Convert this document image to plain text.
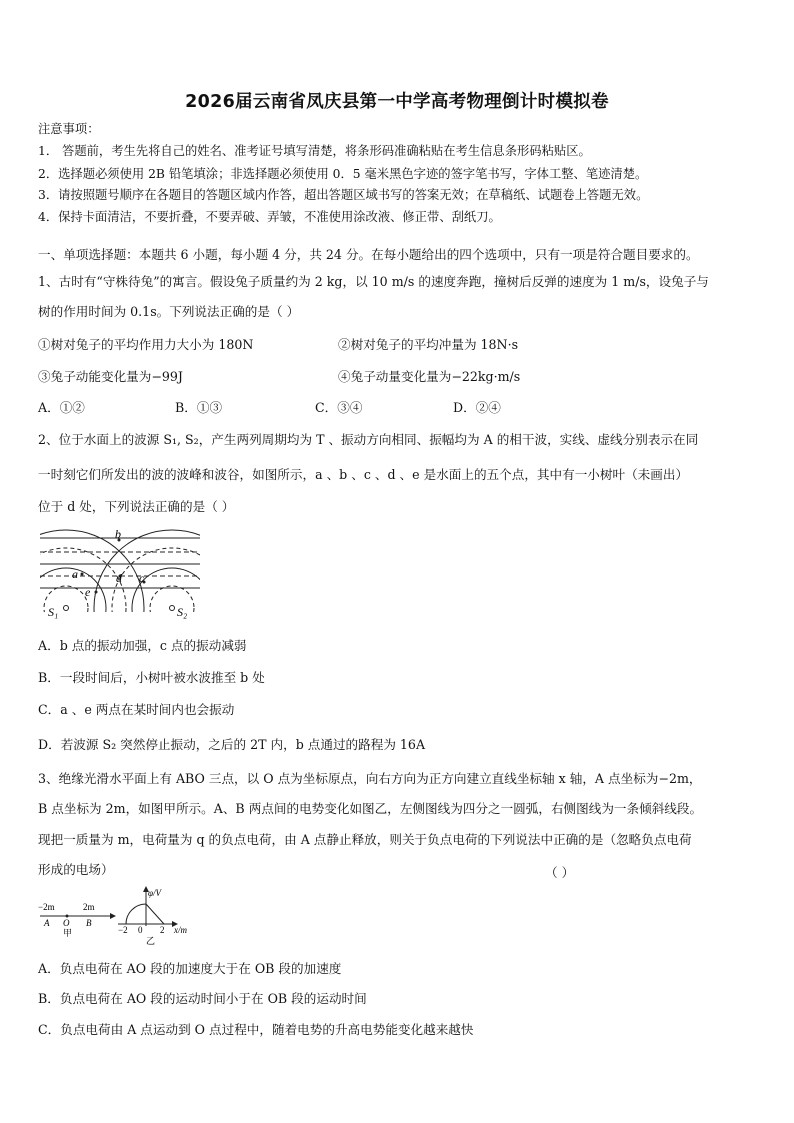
2026届云南省凤庆县第一中学高考物理倒计时模拟卷
注意事项：
1． 答题前，考生先将自己的姓名、准考证号填写清楚，将条形码准确粘贴在考生信息条形码粘贴区。
2．选择题必须使用 2B 铅笔填涂；非选择题必须使用 0．5 毫米黑色字迹的签字笔书写，字体工整、笔迹清楚。
3．请按照题号顺序在各题目的答题区域内作答，超出答题区域书写的答案无效；在草稿纸、试题卷上答题无效。
4．保持卡面清洁，不要折叠，不要弄破、弄皱，不准使用涂改液、修正带、刮纸刀。
一、单项选择题：本题共 6 小题，每小题 4 分，共 24 分。在每小题给出的四个选项中，只有一项是符合题目要求的。
1、古时有“守株待兔”的寓言。假设兔子质量约为 2 kg，以 10 m/s 的速度奔跑，撞树后反弹的速度为 1 m/s，设兔子与
树的作用时间为 0.1s。下列说法正确的是（ ）
①树对兔子的平均作用力大小为 180N	②树对兔子的平均冲量为 18N·s
③兔子动能变化量为−99J	④兔子动量变化量为−22kg·m/s
A．①②	B．①③	C．③④	D．②④
2、位于水面上的波源 S₁, S₂，产生两列周期均为 T 、振动方向相同、振幅均为 A 的相干波，实线、虚线分别表示在同
一时刻它们所发出的波的波峰和波谷，如图所示，a 、b 、c 、d 、e 是水面上的五个点，其中有一小树叶（未画出）
位于 d 处，下列说法正确的是（ ）
b
a	d c
e
S₁	S₂
A．b 点的振动加强，c 点的振动减弱
B．一段时间后，小树叶被水波推至 b 处
C．a 、e 两点在某时间内也会振动
D．若波源 S₂ 突然停止振动，之后的 2T 内，b 点通过的路程为 16A
3、绝缘光滑水平面上有 ABO 三点，以 O 点为坐标原点，向右方向为正方向建立直线坐标轴 x 轴，A 点坐标为−2m，
B 点坐标为 2m，如图甲所示。A、B 两点间的电势变化如图乙，左侧图线为四分之一圆弧，右侧图线为一条倾斜线段。
现把一质量为 m，电荷量为 q 的负点电荷，由 A 点静止释放，则关于负点电荷的下列说法中正确的是（忽略负点电荷
形成的电场）	（ ）
−2m	2m
A O B
甲
φ/V
x/m
−2 0 2
乙
A．负点电荷在 AO 段的加速度大于在 OB 段的加速度
B．负点电荷在 AO 段的运动时间小于在 OB 段的运动时间
C．负点电荷由 A 点运动到 O 点过程中，随着电势的升高电势能变化越来越快
